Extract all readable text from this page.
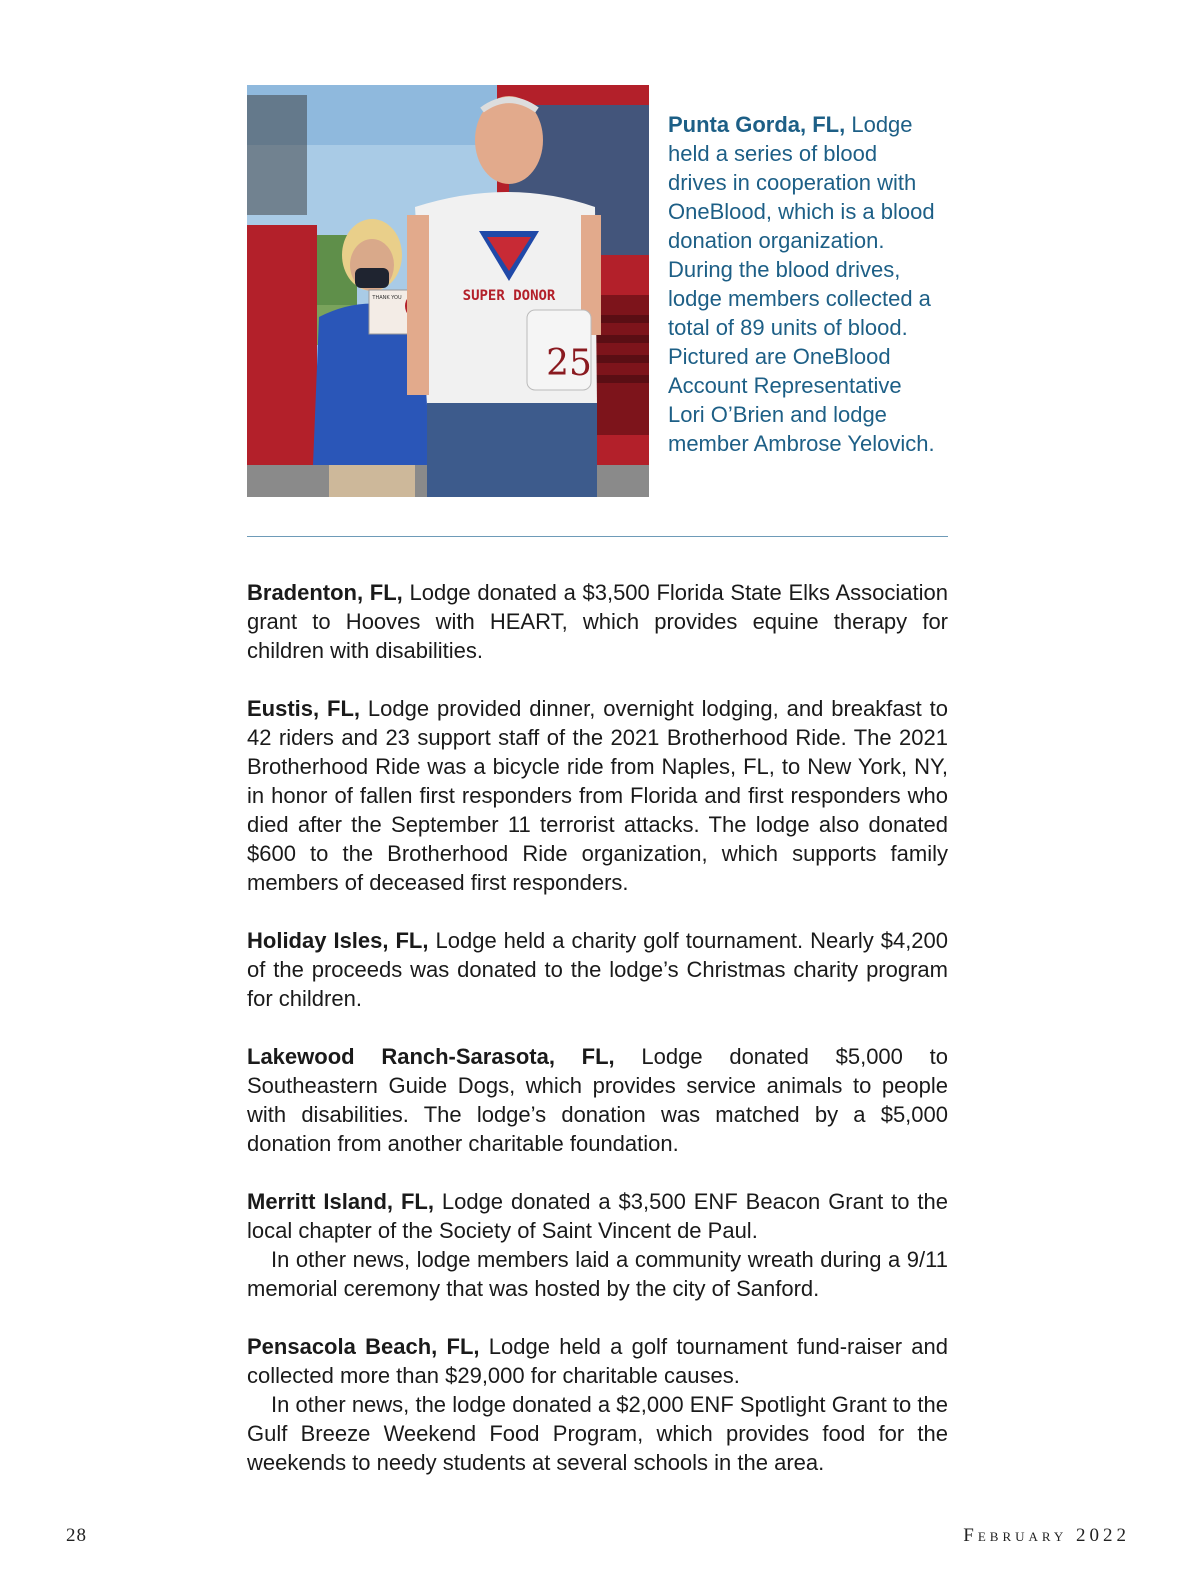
THANK YOU	SUPER DONOR
25
Punta Gorda, FL, Lodge held a series of blood drives in cooperation with OneBlood, which is a blood donation organization. During the blood drives, lodge members collected a total of 89 units of blood. Pictured are OneBlood Account Representative Lori O’Brien and lodge member Ambrose Yelovich.

Bradenton, FL, Lodge donated a $3,500 Florida State Elks Association grant to Hooves with HEART, which provides equine therapy for children with disabilities.

Eustis, FL, Lodge provided dinner, overnight lodging, and breakfast to 42 riders and 23 support staff of the 2021 Brotherhood Ride. The 2021 Brotherhood Ride was a bicycle ride from Naples, FL, to New York, NY, in honor of fallen first responders from Florida and first responders who died after the September 11 terrorist attacks. The lodge also donated $600 to the Brotherhood Ride organization, which supports family members of deceased first responders.

Holiday Isles, FL, Lodge held a charity golf tournament. Nearly $4,200 of the proceeds was donated to the lodge’s Christmas charity program for children.

Lakewood Ranch-Sarasota, FL, Lodge donated $5,000 to Southeastern Guide Dogs, which provides service animals to people with disabilities. The lodge’s donation was matched by a $5,000 donation from another charitable foundation.

Merritt Island, FL, Lodge donated a $3,500 ENF Beacon Grant to the local chapter of the Society of Saint Vincent de Paul.

In other news, lodge members laid a community wreath during a 9/11 memorial ceremony that was hosted by the city of Sanford.

Pensacola Beach, FL, Lodge held a golf tournament fund-raiser and collected more than $29,000 for charitable causes.

In other news, the lodge donated a $2,000 ENF Spotlight Grant to the Gulf Breeze Weekend Food Program, which provides food for the weekends to needy students at several schools in the area.

28	February 2022
